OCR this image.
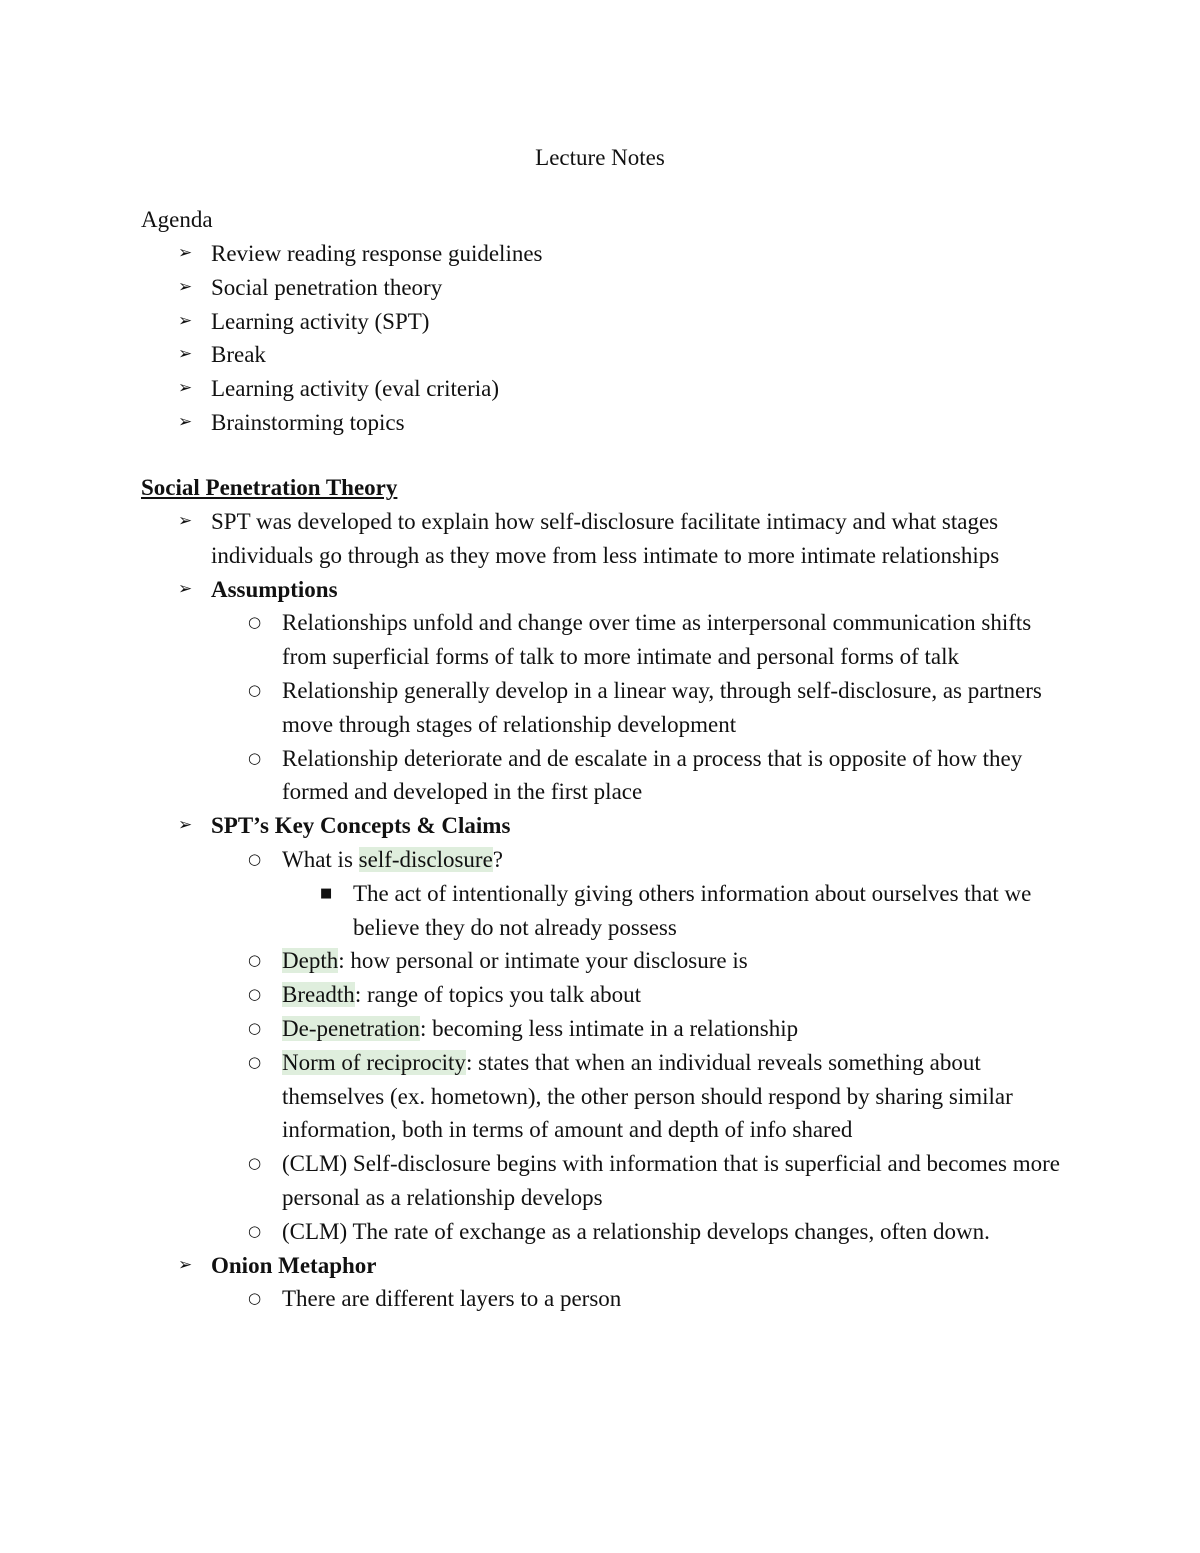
Lecture Notes
Agenda
➢ Review reading response guidelines
➢ Social penetration theory
➢ Learning activity (SPT)
➢ Break
➢ Learning activity (eval criteria)
➢ Brainstorming topics
Social Penetration Theory
➢ SPT was developed to explain how self-disclosure facilitate intimacy and what stages individuals go through as they move from less intimate to more intimate relationships
➢ Assumptions
○ Relationships unfold and change over time as interpersonal communication shifts from superficial forms of talk to more intimate and personal forms of talk
○ Relationship generally develop in a linear way, through self-disclosure, as partners move through stages of relationship development
○ Relationship deteriorate and de escalate in a process that is opposite of how they formed and developed in the first place
➢ SPT’s Key Concepts & Claims
○ What is self-disclosure?
■ The act of intentionally giving others information about ourselves that we believe they do not already possess
○ Depth: how personal or intimate your disclosure is
○ Breadth: range of topics you talk about
○ De-penetration: becoming less intimate in a relationship
○ Norm of reciprocity: states that when an individual reveals something about themselves (ex. hometown), the other person should respond by sharing similar information, both in terms of amount and depth of info shared
○ (CLM) Self-disclosure begins with information that is superficial and becomes more personal as a relationship develops
○ (CLM) The rate of exchange as a relationship develops changes, often down.
➢ Onion Metaphor
○ There are different layers to a person
